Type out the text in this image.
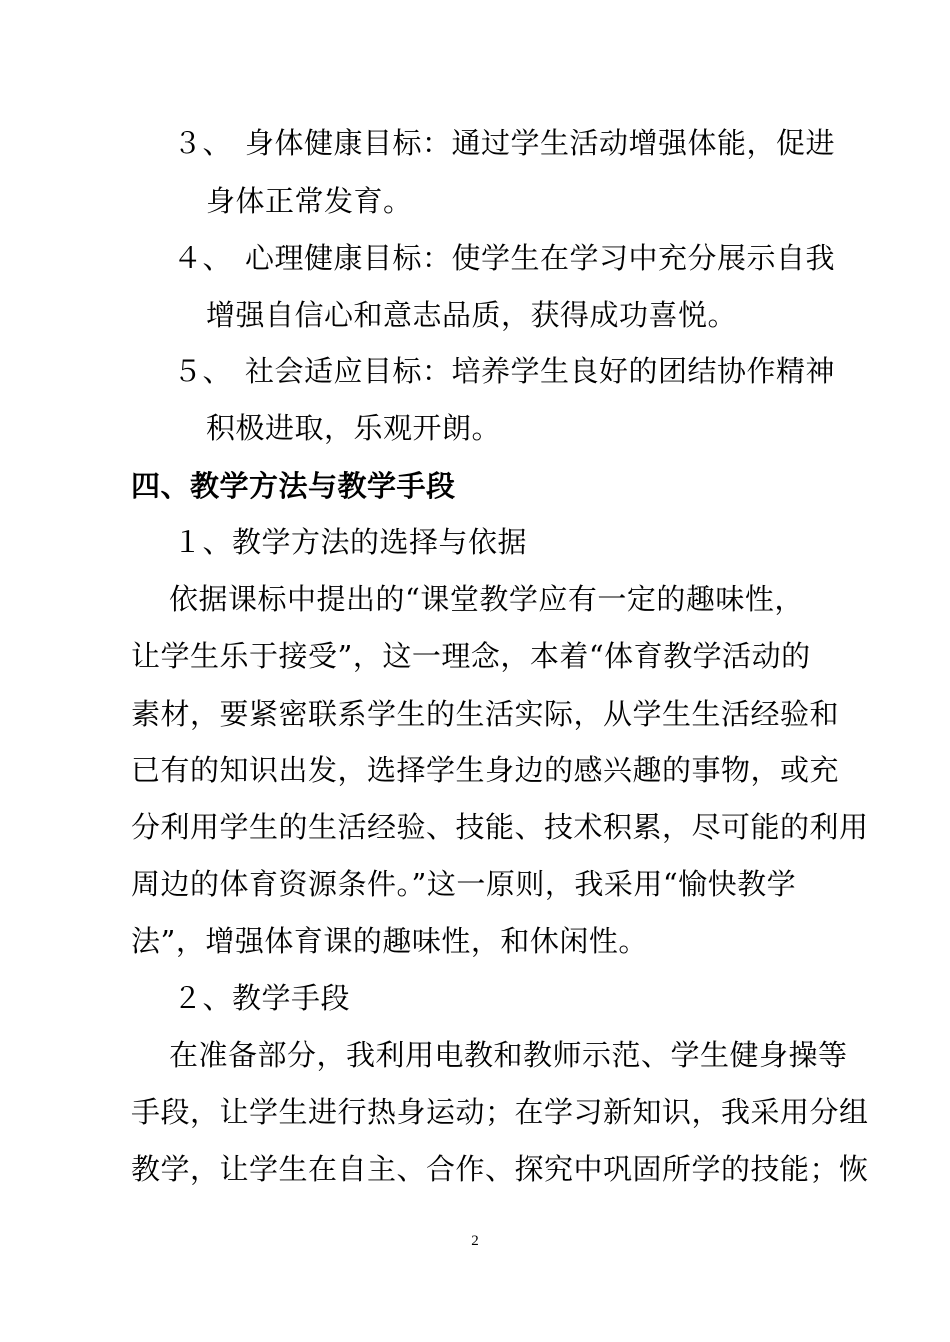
３、 身体健康目标：通过学生活动增强体能，促进
身体正常发育。
４、 心理健康目标：使学生在学习中充分展示自我
增强自信心和意志品质，获得成功喜悦。
５、 社会适应目标：培养学生良好的团结协作精神
积极进取，乐观开朗。
四、教学方法与教学手段
１、教学方法的选择与依据
依据课标中提出的“课堂教学应有一定的趣味性，
让学生乐于接受”，这一理念，本着“体育教学活动的
素材，要紧密联系学生的生活实际，从学生生活经验和
已有的知识出发，选择学生身边的感兴趣的事物，或充
分利用学生的生活经验、技能、技术积累，尽可能的利用
周边的体育资源条件。”这一原则，我采用“愉快教学
法”，增强体育课的趣味性，和休闲性。
２、教学手段
在准备部分，我利用电教和教师示范、学生健身操等
手段，让学生进行热身运动；在学习新知识，我采用分组
教学，让学生在自主、合作、探究中巩固所学的技能；恢
2
